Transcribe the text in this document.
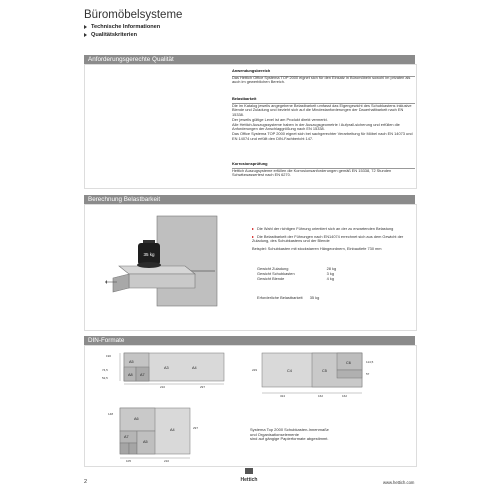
Büromöbelsysteme
Technische Informationen
Qualitätskriterien
Anforderungsgerechte Qualität

Anwendungsbereich

Das Hettich Office Systema TOP 2000 eignet sich für den Einsatz in Büromöbeln sowohl im privaten als auch im gewerblichen Bereich.

Belastbarkeit

Die im Katalog jeweils angegebene Belastbarkeit umfasst das Eigengewicht des Schubkastens inklusive Blende und Zuladung und bezieht sich auf die Mindestanforderungen der Dauerhaltbarkeit nach EN 15338.

Der jeweils gültige Level ist am Produkt direkt vermerkt.

Alle Hettich Auszugssysteme haben in der Auszugsgeometrie / Aufprall-sicherung und erfüllen die Anforderungen der Anschlaggrößung nach EN 15338.

Das Office Systema TOP 2000 eignet sich bei sachgerechter Verarbeitung für Möbel nach EN 14073 und EN 14074 und erfüllt den DIN-Fachbericht 147.

Korrosionsprüfung

Hettich Auszugsysteme erfüllen die Korrosionsanforderungen gemäß EN 15338, 72 Stunden Schwitzwassertest nach EN 6270.

Berechnung Belastbarkeit
35 kg

Die Wahl der richtigen Führung orientiert sich an der zu erwartenden Belastung

Die Belastbarkeit der Führungen nach EN14074 errechnet sich aus dem Gewicht der Zuladung, des Schubkastens und der Blende

Beispiel: Schubkasten mit stockstarren Hängeordnern, Einbautiefe 730 mm

Gewicht Zuladung	28 kg
Gewicht Schubkasten	3 kg
Gewicht Blende	4 kg
Erforderliche Belastbarkeit 35 kg
DIN-Formate
A5
A8 A7
A3	A4
190
74,5
52,5
210	297
C4	C5
C6
229
114,5
57
324	162	162
A6
A7
A5
A4
148
297
105	210

Systema Top 2000 Schubkasten-Innenmaße

und Organisationselemente

sind auf gängige Papierformate abgestimmt.

2	Hettich	www.hettich.com
